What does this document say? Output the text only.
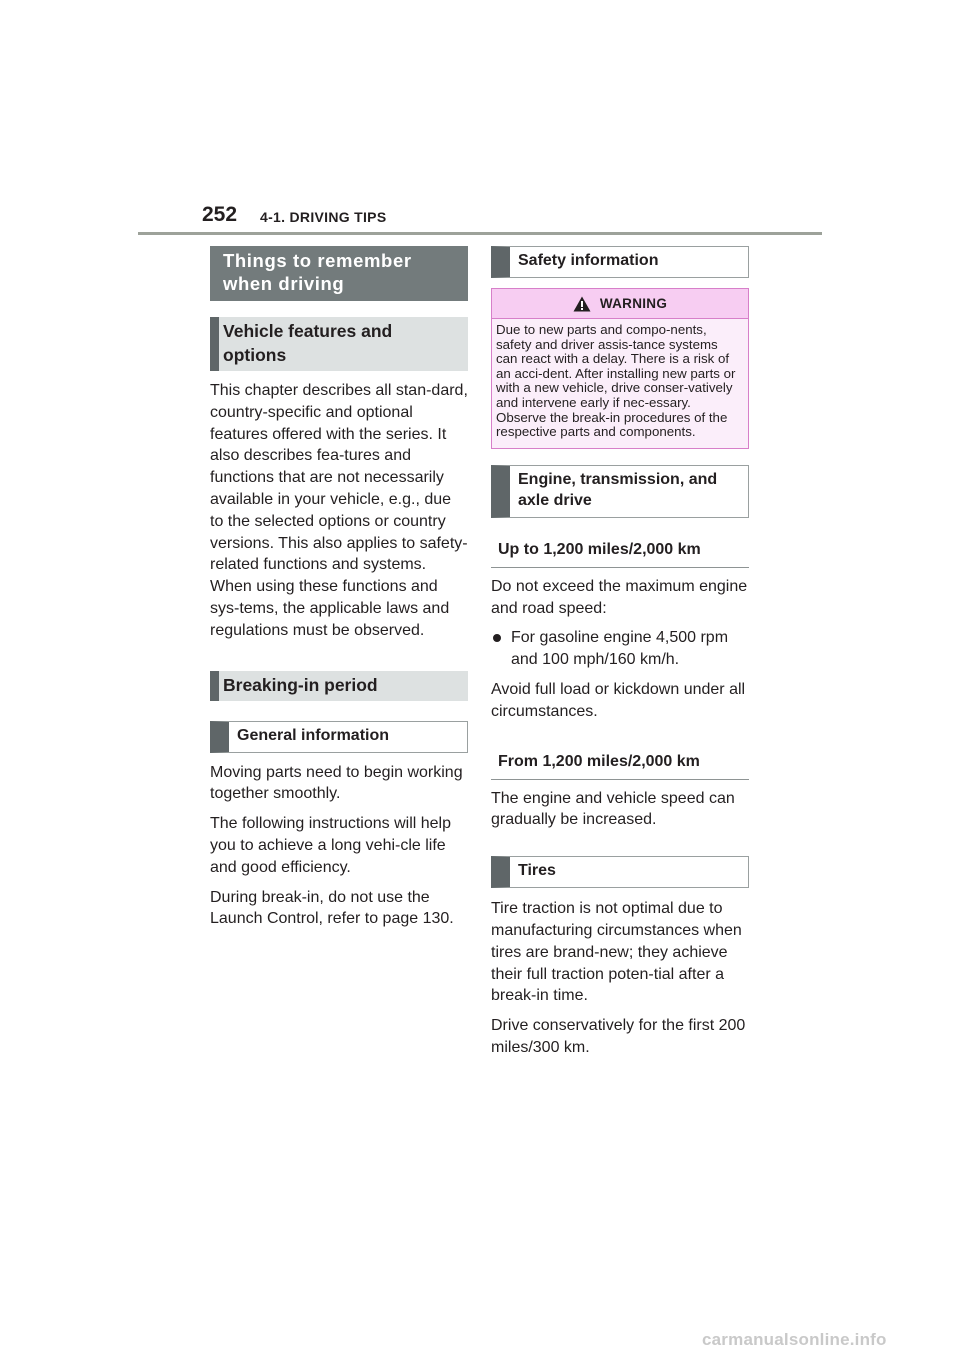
252 4-1. DRIVING TIPS
Things to remember when driving
Vehicle features and options

This chapter describes all stan-dard, country-specific and optional features offered with the series. It also describes fea-tures and functions that are not necessarily available in your vehicle, e.g., due to the selected options or country versions. This also applies to safety-related functions and systems. When using these functions and sys-tems, the applicable laws and regulations must be observed.

Breaking-in period
General information

Moving parts need to begin working together smoothly.

The following instructions will help you to achieve a long vehi-cle life and good efficiency.

During break-in, do not use the Launch Control, refer to page 130.

Safety information
WARNING
Due to new parts and compo-nents, safety and driver assis-tance systems can react with a delay. There is a risk of an acci-dent. After installing new parts or with a new vehicle, drive conser-vatively and intervene early if nec-essary. Observe the break-in procedures of the respective parts and components.
Engine, transmission, and axle drive
Up to 1,200 miles/2,000 km

Do not exceed the maximum engine and road speed:

For gasoline engine 4,500 rpm and 100 mph/160 km/h.

Avoid full load or kickdown under all circumstances.

From 1,200 miles/2,000 km

The engine and vehicle speed can gradually be increased.

Tires

Tire traction is not optimal due to manufacturing circumstances when tires are brand-new; they achieve their full traction poten-tial after a break-in time.

Drive conservatively for the first 200 miles/300 km.

carmanualsonline.info
